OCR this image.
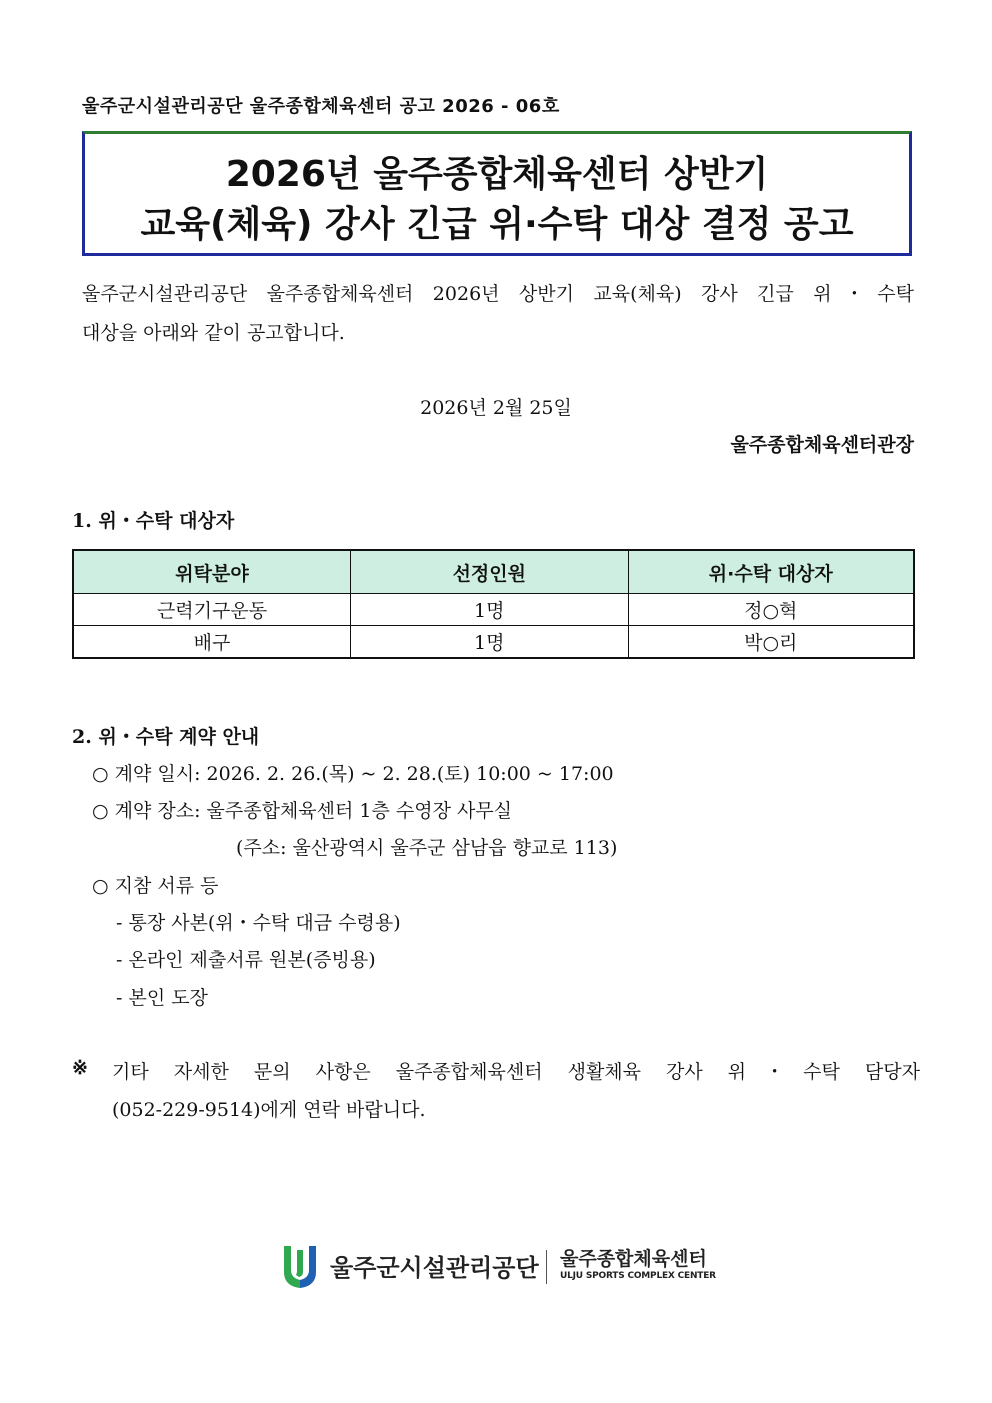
울주군시설관리공단 울주종합체육센터 공고 2026 - 06호
2026년 울주종합체육센터 상반기
교육(체육) 강사 긴급 위·수탁 대상 결정 공고
울주군시설관리공단 울주종합체육센터 2026년 상반기 교육(체육) 강사 긴급 위・수탁
대상을 아래와 같이 공고합니다.
2026년 2월 25일
울주종합체육센터관장
1. 위・수탁 대상자
위탁분야	선정인원	위·수탁 대상자
근력기구운동	1명	정○혁
배구	1명	박○리
2. 위・수탁 계약 안내
○ 계약 일시: 2026. 2. 26.(목) ~ 2. 28.(토) 10:00 ~ 17:00
○ 계약 장소: 울주종합체육센터 1층 수영장 사무실
(주소: 울산광역시 울주군 삼남읍 향교로 113)
○ 지참 서류 등
- 통장 사본(위・수탁 대금 수령용)
- 온라인 제출서류 원본(증빙용)
- 본인 도장
※ 기타 자세한 문의 사항은 울주종합체육센터 생활체육 강사 위・수탁 담당자
(052-229-9514)에게 연락 바랍니다.
울주군시설관리공단 울주종합체육센터
ULJU SPORTS COMPLEX CENTER
